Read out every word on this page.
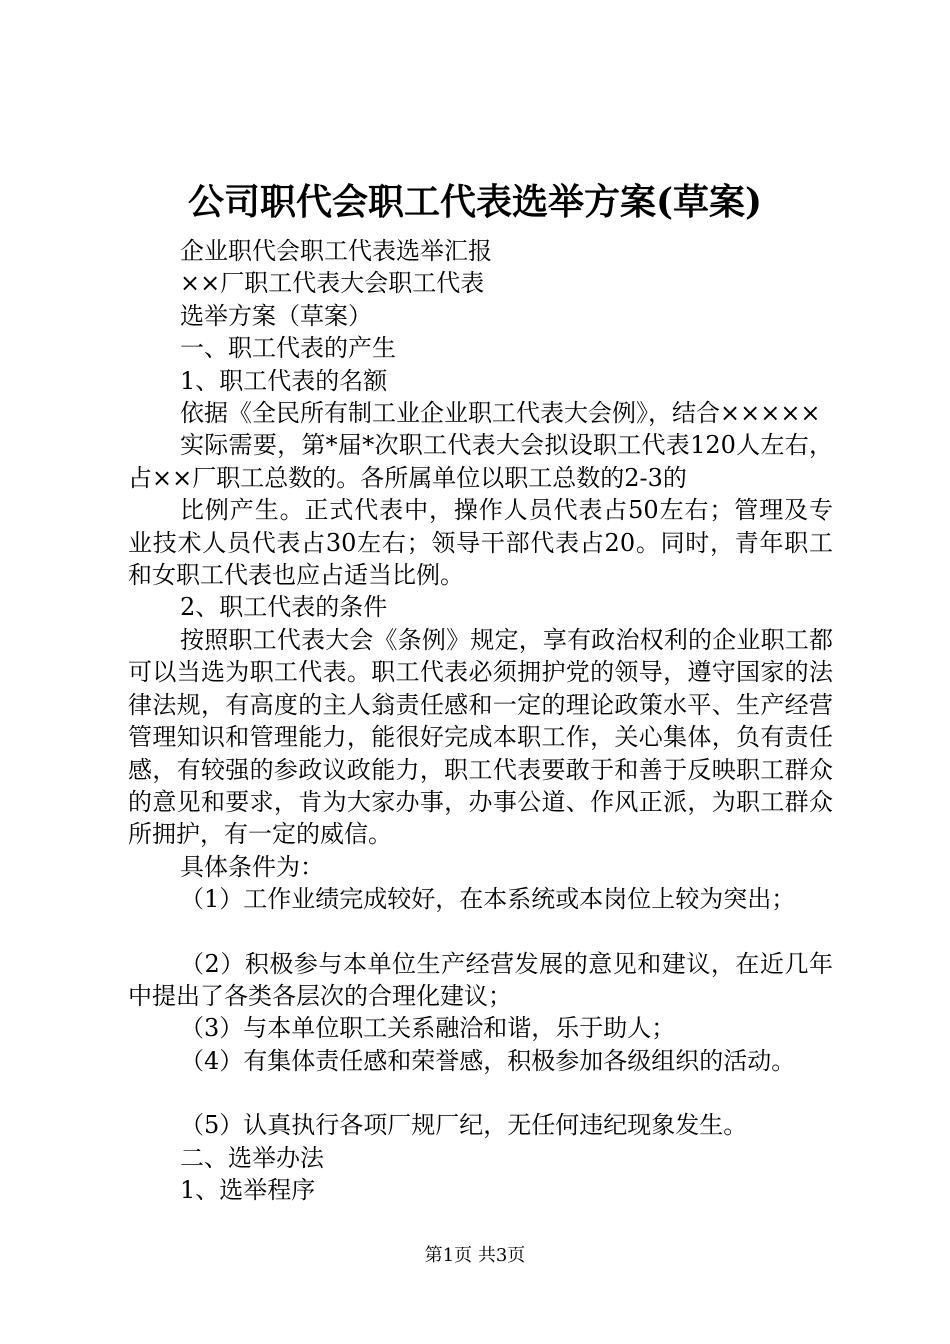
公司职代会职工代表选举方案(草案)

企业职代会职工代表选举汇报

××厂职工代表大会职工代表

选举方案（草案）

一、职工代表的产生

1、职工代表的名额

依据《全民所有制工业企业职工代表大会例》，结合×××××

实际需要，第*届*次职工代表大会拟设职工代表120人左右，占××厂职工总数的。各所属单位以职工总数的2-3的

比例产生。正式代表中，操作人员代表占50左右；管理及专业技术人员代表占30左右；领导干部代表占20。同时，青年职工和女职工代表也应占适当比例。

2、职工代表的条件

按照职工代表大会《条例》规定，享有政治权利的企业职工都可以当选为职工代表。职工代表必须拥护党的领导，遵守国家的法律法规，有高度的主人翁责任感和一定的理论政策水平、生产经营管理知识和管理能力，能很好完成本职工作，关心集体，负有责任感，有较强的参政议政能力，职工代表要敢于和善于反映职工群众的意见和要求，肯为大家办事，办事公道、作风正派，为职工群众所拥护，有一定的威信。

具体条件为：

（1）工作业绩完成较好，在本系统或本岗位上较为突出；

（2）积极参与本单位生产经营发展的意见和建议，在近几年中提出了各类各层次的合理化建议；

（3）与本单位职工关系融洽和谐，乐于助人；

（4）有集体责任感和荣誉感，积极参加各级组织的活动。

（5）认真执行各项厂规厂纪，无任何违纪现象发生。

二、选举办法

1、选举程序

第1页 共3页
